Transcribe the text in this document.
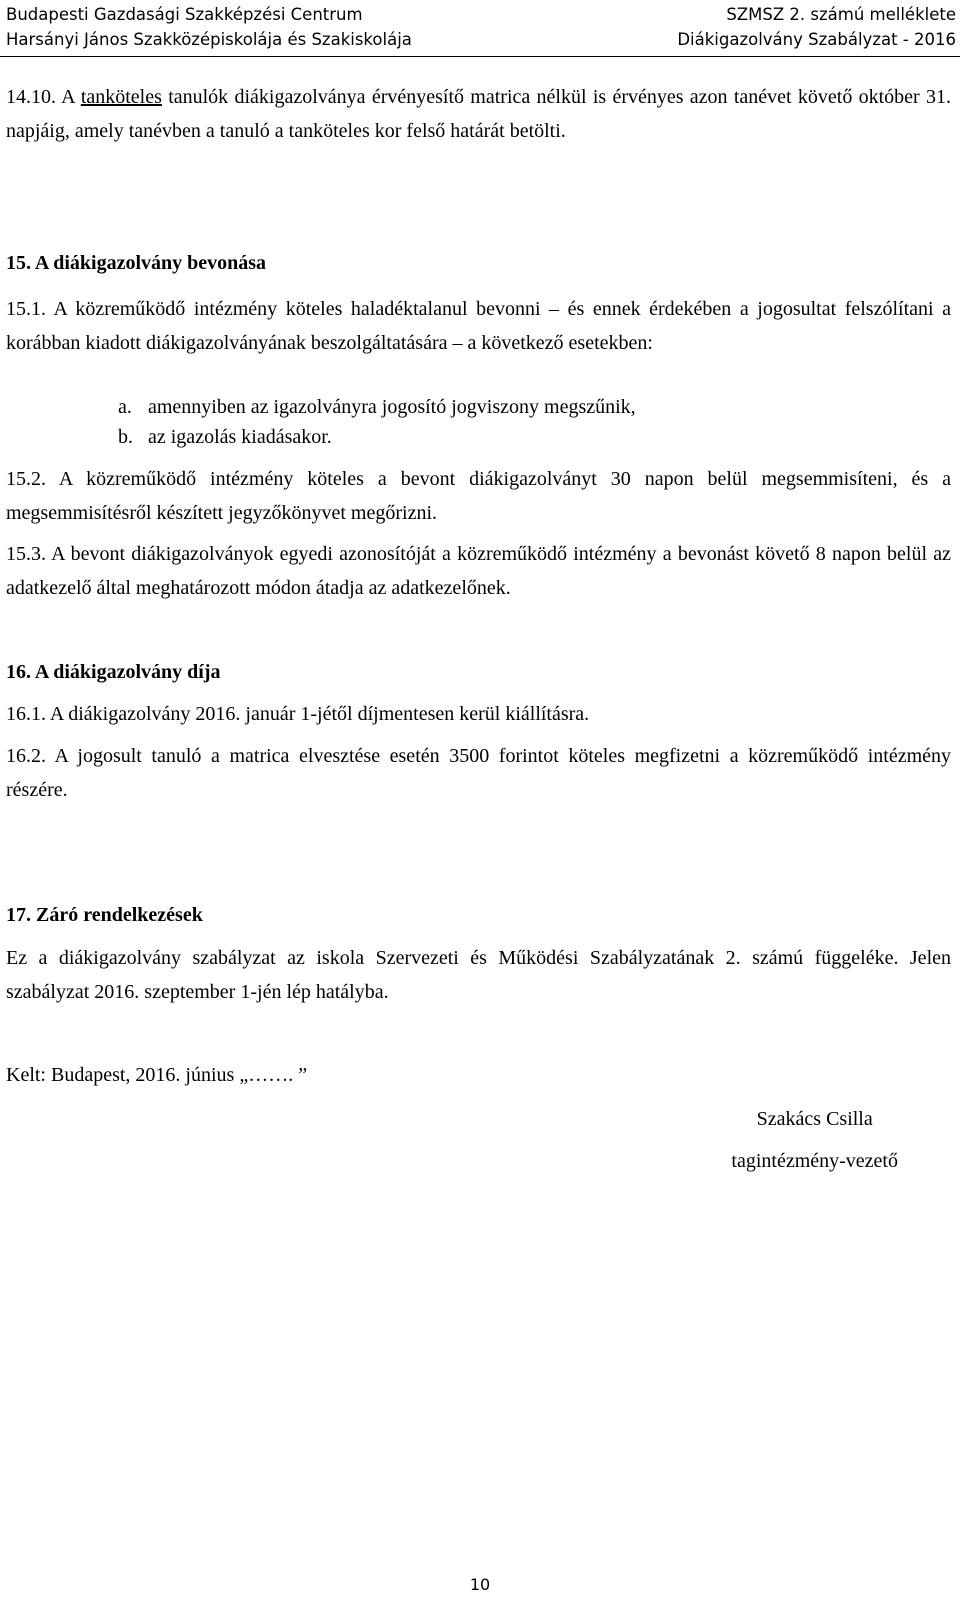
Budapesti Gazdasági Szakképzési Centrum
Harsányi János Szakközépiskolája és Szakiskolája
SZMSZ 2. számú melléklete
Diákigazolvány Szabályzat - 2016

14.10. A tanköteles tanulók diákigazolványa érvényesítő matrica nélkül is érvényes azon tanévet követő október 31. napjáig, amely tanévben a tanuló a tanköteles kor felső határát betölti.

15. A diákigazolvány bevonása

15.1. A közreműködő intézmény köteles haladéktalanul bevonni – és ennek érdekében a jogosultat felszólítani a korábban kiadott diákigazolványának beszolgáltatására – a következő esetekben:

a. amennyiben az igazolványra jogosító jogviszony megszűnik,
b. az igazolás kiadásakor.

15.2. A közreműködő intézmény köteles a bevont diákigazolványt 30 napon belül megsemmisíteni, és a megsemmisítésről készített jegyzőkönyvet megőrizni.

15.3. A bevont diákigazolványok egyedi azonosítóját a közreműködő intézmény a bevonást követő 8 napon belül az adatkezelő által meghatározott módon átadja az adatkezelőnek.

16. A diákigazolvány díja

16.1. A diákigazolvány 2016. január 1-jétől díjmentesen kerül kiállításra.

16.2. A jogosult tanuló a matrica elvesztése esetén 3500 forintot köteles megfizetni a közreműködő intézmény részére.

17. Záró rendelkezések

Ez a diákigazolvány szabályzat az iskola Szervezeti és Működési Szabályzatának 2. számú függeléke. Jelen szabályzat 2016. szeptember 1-jén lép hatályba.

Kelt: Budapest, 2016. június „……. ”

Szakács Csilla
tagintézmény-vezető
10
